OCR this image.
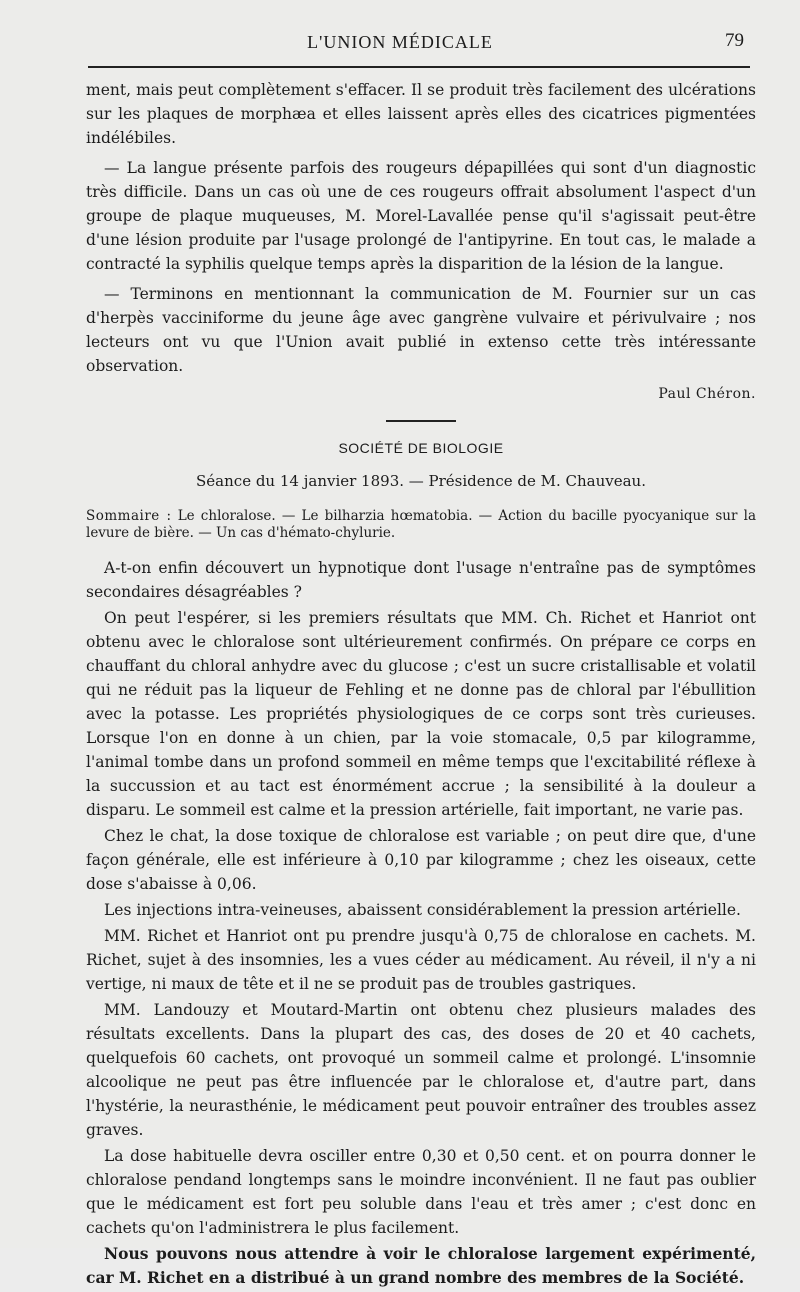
L'UNION MÉDICALE	79

ment, mais peut complètement s'effacer. Il se produit très facilement des ulcérations sur les plaques de morphæa et elles laissent après elles des cicatrices pigmentées indélébiles.

— La langue présente parfois des rougeurs dépapillées qui sont d'un diagnostic très difficile. Dans un cas où une de ces rougeurs offrait absolument l'aspect d'un groupe de plaque muqueuses, M. Morel-Lavallée pense qu'il s'agissait peut-être d'une lésion produite par l'usage prolongé de l'antipyrine. En tout cas, le malade a contracté la syphilis quelque temps après la disparition de la lésion de la langue.

— Terminons en mentionnant la communication de M. Fournier sur un cas d'herpès vacciniforme du jeune âge avec gangrène vulvaire et périvulvaire ; nos lecteurs ont vu que l'Union avait publié in extenso cette très intéressante observation.

Paul Chéron.

SOCIÉTÉ DE BIOLOGIE
Séance du 14 janvier 1893. — Présidence de M. Chauveau.

Sommaire : Le chloralose. — Le bilharzia hœmatobia. — Action du bacille pyocyanique sur la levure de bière. — Un cas d'hémato-chylurie.

A-t-on enfin découvert un hypnotique dont l'usage n'entraîne pas de symptômes secondaires désagréables ?

On peut l'espérer, si les premiers résultats que MM. Ch. Richet et Hanriot ont obtenu avec le chloralose sont ultérieurement confirmés. On prépare ce corps en chauffant du chloral anhydre avec du glucose ; c'est un sucre cristallisable et volatil qui ne réduit pas la liqueur de Fehling et ne donne pas de chloral par l'ébullition avec la potasse. Les propriétés physiologiques de ce corps sont très curieuses. Lorsque l'on en donne à un chien, par la voie stomacale, 0,5 par kilogramme, l'animal tombe dans un profond sommeil en même temps que l'excitabilité réflexe à la succussion et au tact est énormément accrue ; la sensibilité à la douleur a disparu. Le sommeil est calme et la pression artérielle, fait important, ne varie pas.

Chez le chat, la dose toxique de chloralose est variable ; on peut dire que, d'une façon générale, elle est inférieure à 0,10 par kilogramme ; chez les oiseaux, cette dose s'abaisse à 0,06.

Les injections intra-veineuses, abaissent considérablement la pression artérielle.

MM. Richet et Hanriot ont pu prendre jusqu'à 0,75 de chloralose en cachets. M. Richet, sujet à des insomnies, les a vues céder au médicament. Au réveil, il n'y a ni vertige, ni maux de tête et il ne se produit pas de troubles gastriques.

MM. Landouzy et Moutard-Martin ont obtenu chez plusieurs malades des résultats excellents. Dans la plupart des cas, des doses de 20 et 40 cachets, quelquefois 60 cachets, ont provoqué un sommeil calme et prolongé. L'insomnie alcoolique ne peut pas être influencée par le chloralose et, d'autre part, dans l'hystérie, la neurasthénie, le médicament peut pouvoir entraîner des troubles assez graves.

La dose habituelle devra osciller entre 0,30 et 0,50 cent. et on pourra donner le chloralose pendand longtemps sans le moindre inconvénient. Il ne faut pas oublier que le médicament est fort peu soluble dans l'eau et très amer ; c'est donc en cachets qu'on l'administrera le plus facilement.

Nous pouvons nous attendre à voir le chloralose largement expérimenté, car M. Richet en a distribué à un grand nombre des membres de la Société.
